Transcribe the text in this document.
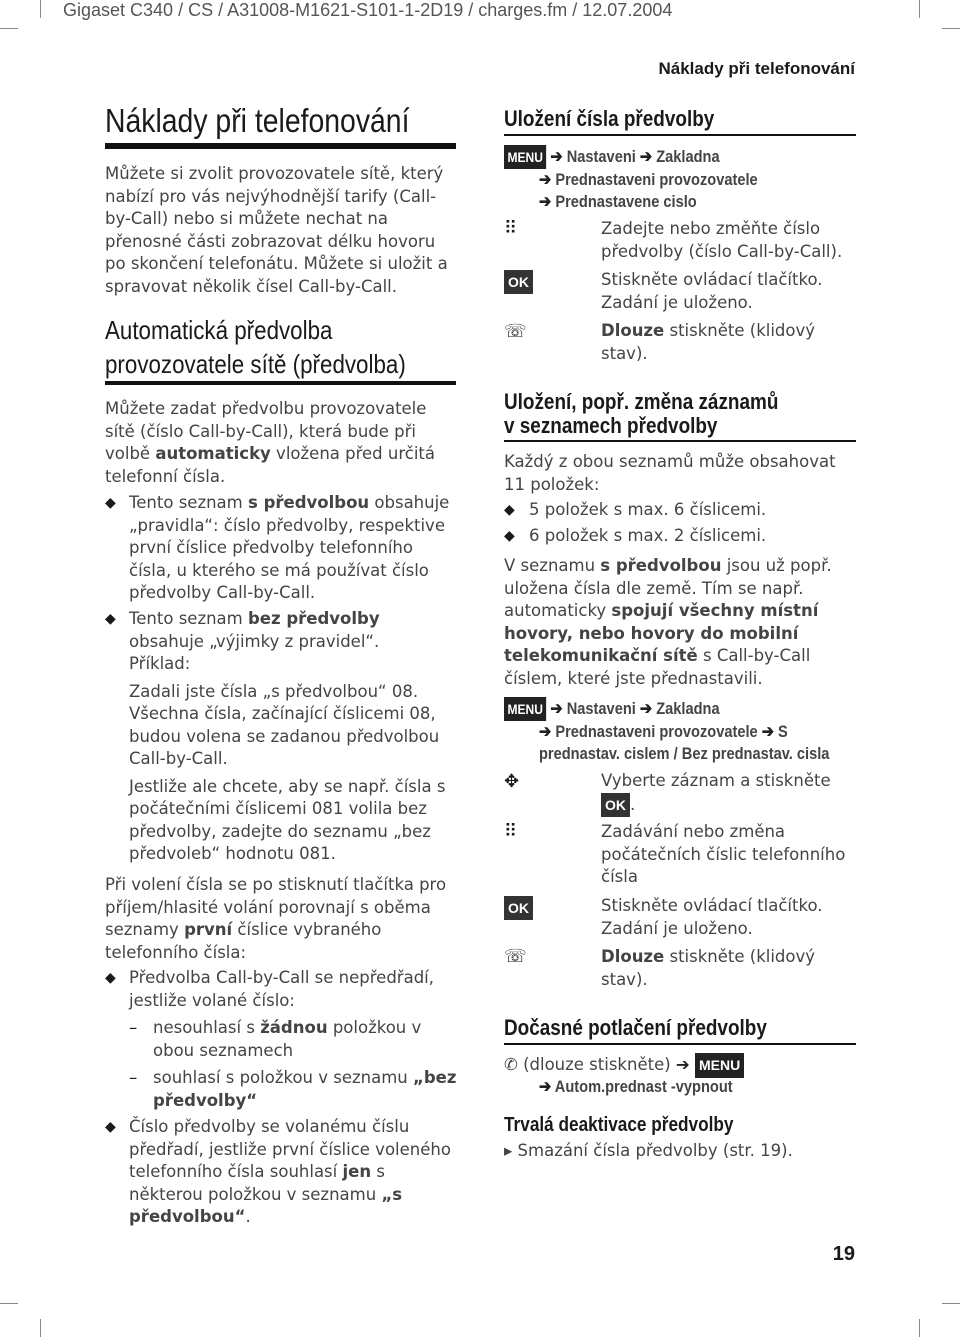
Gigaset C340 / CS / A31008-M1621-S101-1-2D19 / charges.fm / 12.07.2004
Náklady při telefonování
Náklady při telefonování

Můžete si zvolit provozovatele sítě, který nabízí pro vás nejvýhodnější tarify (Call-by-Call) nebo si můžete nechat na přenosné části zobrazovat délku hovoru po skončení telefonátu. Můžete si uložit a spravovat několik čísel Call-by-Call.

Automatická předvolba
provozovatele sítě (předvolba)

Můžete zadat předvolbu provozovatele sítě (číslo Call-by-Call), která bude při volbě automaticky vložena před určitá telefonní čísla.

◆ Tento seznam s předvolbou obsahuje „pravidla“: číslo předvolby, respektive první číslice předvolby telefonního čísla, u kterého se má používat číslo předvolby Call-by-Call.

◆ Tento seznam bez předvolby obsahuje „výjimky z pravidel“.

Příklad:

Zadali jste čísla „s předvolbou“ 08. Všechna čísla, začínající číslicemi 08, budou volena se zadanou předvolbou Call-by-Call.

Jestliže ale chcete, aby se např. čísla s počátečními číslicemi 081 volila bez předvolby, zadejte do seznamu „bez předvoleb“ hodnotu 081.

Při volení čísla se po stisknutí tlačítka pro příjem/hlasité volání porovnají s oběma seznamy první číslice vybraného telefonního čísla:

◆ Předvolba Call-by-Call se nepředřadí, jestliže volané číslo:

– nesouhlasí s žádnou položkou v obou seznamech

– souhlasí s položkou v seznamu „bez předvolby“

◆ Číslo předvolby se volanému číslu předřadí, jestliže první číslice voleného telefonního čísla souhlasí jen s některou položkou v seznamu „s předvolbou“.

Uložení čísla předvolby
MENU ➔ Nastaveni ➔ Zakladna
➔ Prednastaveni provozovatele
➔ Prednastavene cislo
⠿	Zadejte nebo změňte číslo předvolby (číslo Call-by-Call).

OK	Stiskněte ovládací tlačítko. Zadání je uloženo.

☏	Dlouze stiskněte (klidový stav).

Uložení, popř. změna záznamů
v seznamech předvolby

Každý z obou seznamů může obsahovat 11 položek:

◆ 5 položek s max. 6 číslicemi.

◆ 6 položek s max. 2 číslicemi.

V seznamu s předvolbou jsou už popř. uložena čísla dle země. Tím se např. automaticky spojují všechny místní hovory, nebo hovory do mobilní telekomunikační sítě s Call-by-Call číslem, které jste přednastavili.

MENU ➔ Nastaveni ➔ Zakladna
➔ Prednastaveni provozovatele ➔ S
prednastav. cislem / Bez prednastav. cisla
✥	Vyberte záznam a stiskněte
OK .

⠿	Zadávání nebo změna počátečních číslic telefonního čísla

OK	Stiskněte ovládací tlačítko. Zadání je uloženo.

☏	Dlouze stiskněte (klidový stav).

Dočasné potlačení předvolby

✆ (dlouze stiskněte) ➔ MENU

➔ Autom.prednast -vypnout
Trvalá deaktivace předvolby

▸ Smazání čísla předvolby (str. 19).

19
